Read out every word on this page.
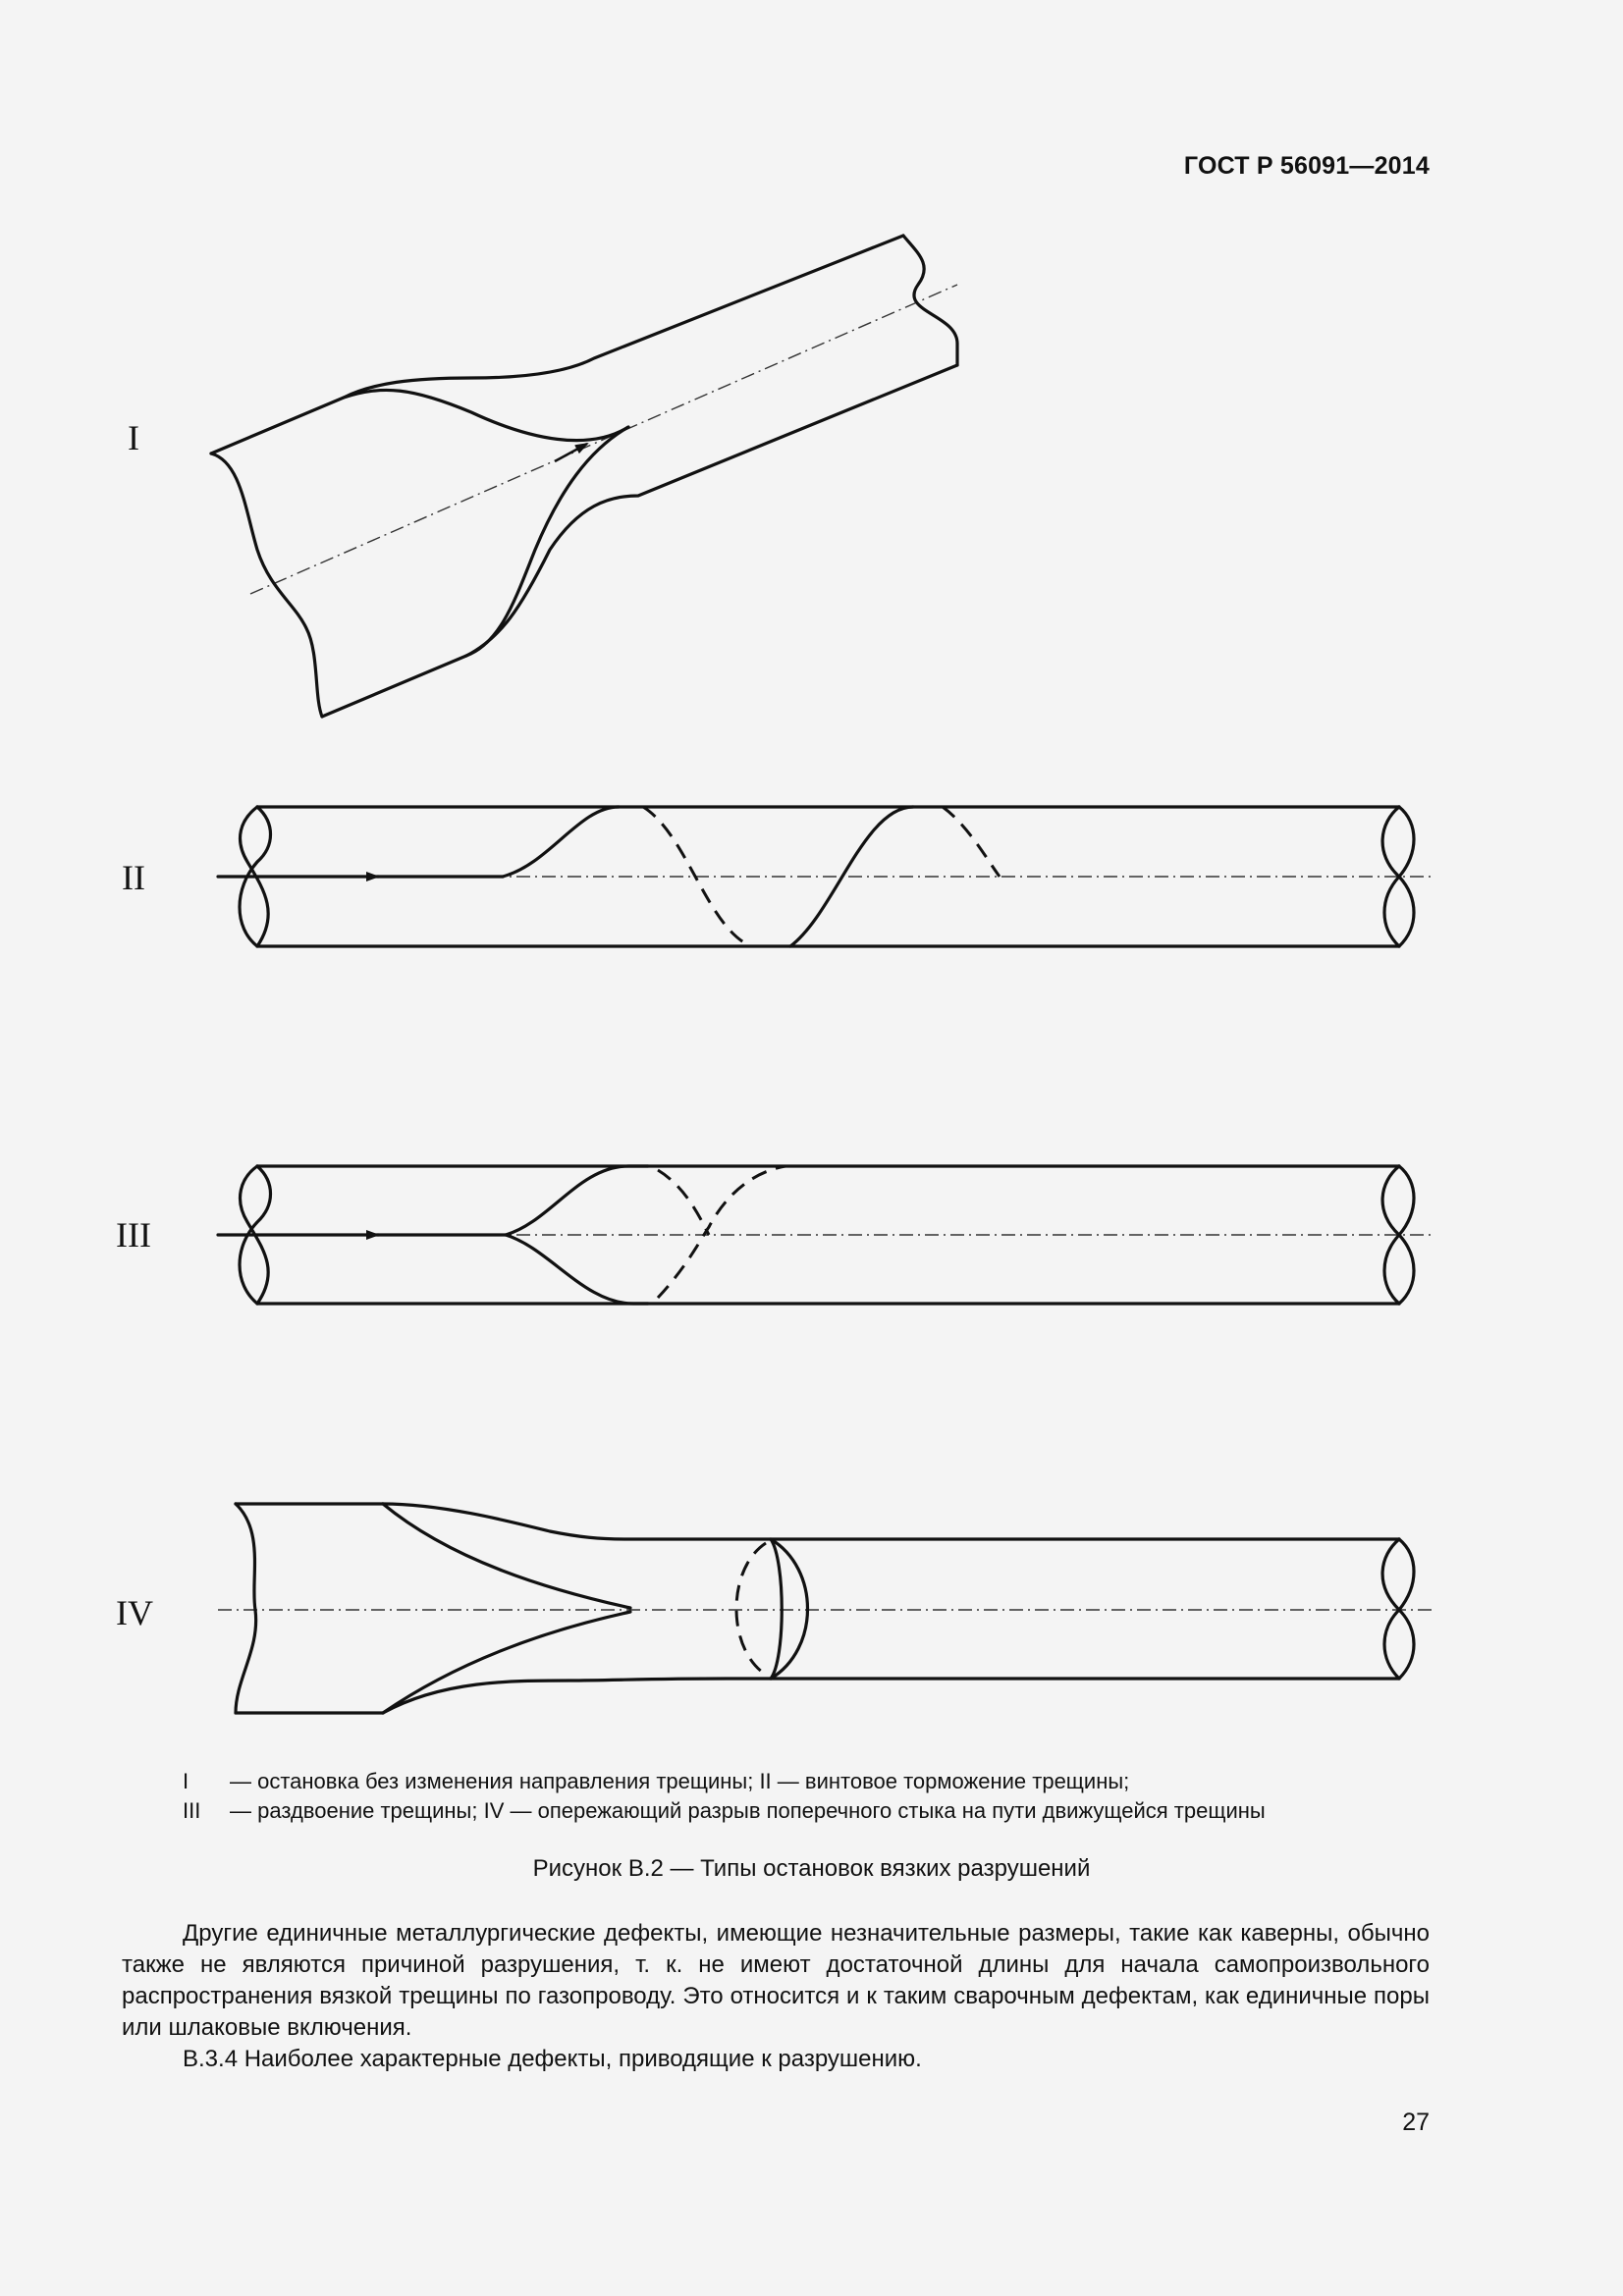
ГОСТ Р 56091—2014
I
II
III
IV
I	— остановка без изменения направления трещины; II — винтовое торможение трещины;
III	— раздвоение трещины; IV — опережающий разрыв поперечного стыка на пути движущейся трещины
Рисунок В.2 — Типы остановок вязких разрушений

Другие единичные металлургические дефекты, имеющие незначительные размеры, такие как каверны, обычно также не являются причиной разрушения, т. к. не имеют достаточной длины для начала самопроизвольного распространения вязкой трещины по газопроводу. Это относится и к таким сварочным дефектам, как единичные поры или шлаковые включения.

В.3.4 Наиболее характерные дефекты, приводящие к разрушению.

27
